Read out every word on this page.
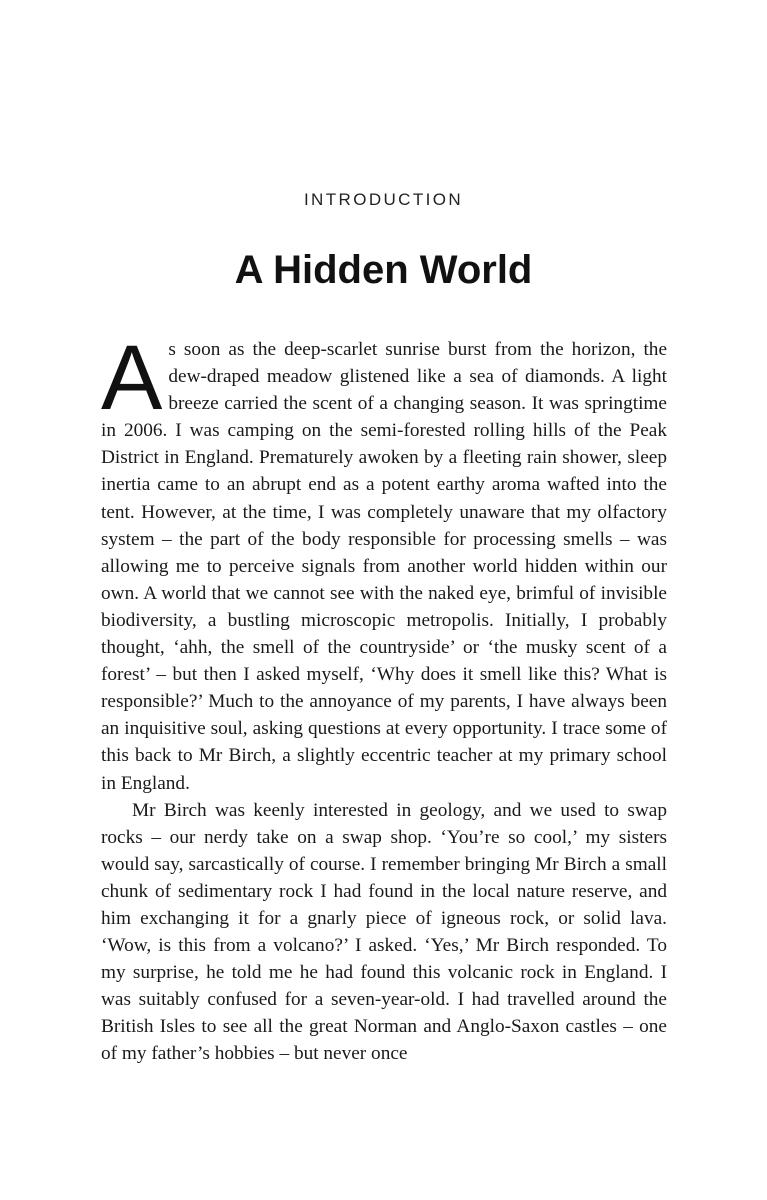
INTRODUCTION
A Hidden World

As soon as the deep-scarlet sunrise burst from the horizon, the dew-draped meadow glistened like a sea of diamonds. A light breeze carried the scent of a changing season. It was springtime in 2006. I was camping on the semi-forested rolling hills of the Peak District in England. Prematurely awoken by a fleeting rain shower, sleep inertia came to an abrupt end as a potent earthy aroma wafted into the tent. However, at the time, I was completely unaware that my olfactory system – the part of the body responsible for processing smells – was allowing me to perceive signals from another world hidden within our own. A world that we cannot see with the naked eye, brimful of invisible biodiversity, a bustling microscopic metropolis. Initially, I probably thought, ‘ahh, the smell of the countryside’ or ‘the musky scent of a forest’ – but then I asked myself, ‘Why does it smell like this? What is responsible?’ Much to the annoyance of my parents, I have always been an inquisitive soul, asking questions at every opportunity. I trace some of this back to Mr Birch, a slightly eccentric teacher at my primary school in England.

Mr Birch was keenly interested in geology, and we used to swap rocks – our nerdy take on a swap shop. ‘You’re so cool,’ my sisters would say, sarcastically of course. I remember bringing Mr Birch a small chunk of sedimentary rock I had found in the local nature reserve, and him exchanging it for a gnarly piece of igneous rock, or solid lava. ‘Wow, is this from a volcano?’ I asked. ‘Yes,’ Mr Birch responded. To my surprise, he told me he had found this volcanic rock in England. I was suitably confused for a seven-year-old. I had travelled around the British Isles to see all the great Norman and Anglo-Saxon castles – one of my father’s hobbies – but never once
